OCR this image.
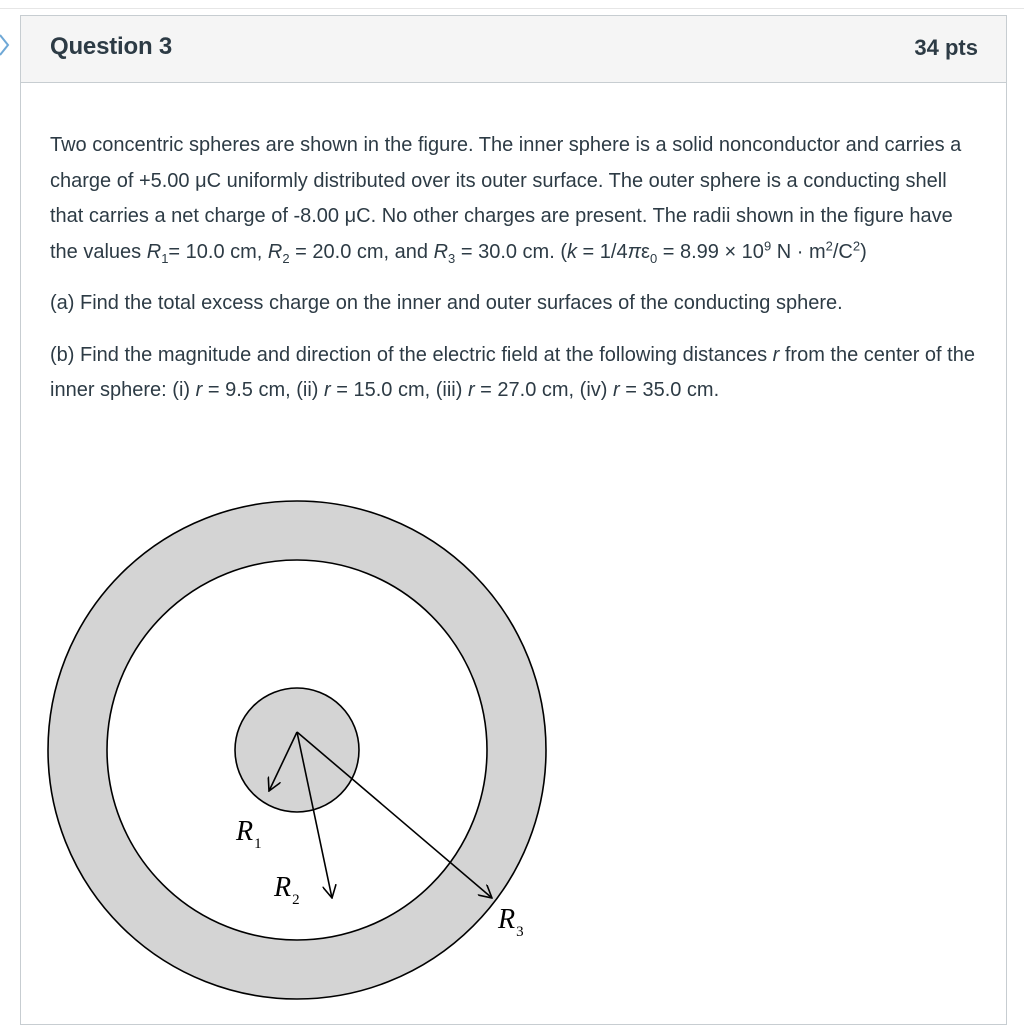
Question 3	34 pts

Two concentric spheres are shown in the figure. The inner sphere is a solid nonconductor and carries a charge of +5.00 μC uniformly distributed over its outer surface. The outer sphere is a conducting shell that carries a net charge of -8.00 μC. No other charges are present. The radii shown in the figure have the values $R_1= 10.0$ cm, $R_2 = 20.0$ cm, and $R_3 = 30.0$ cm. ($k = 1/4\pi\varepsilon_0 = 8.99 \times 10^9$ $N \cdot m^2/C^2$)

(a) Find the total excess charge on the inner and outer surfaces of the conducting sphere.

(b) Find the magnitude and direction of the electric field at the following distances r from the center of the inner sphere: (i) r = 9.5 cm, (ii) r = 15.0 cm, (iii) r = 27.0 cm, (iv) r = 35.0 cm.

$R_1$
$R_2$
$R_3$
